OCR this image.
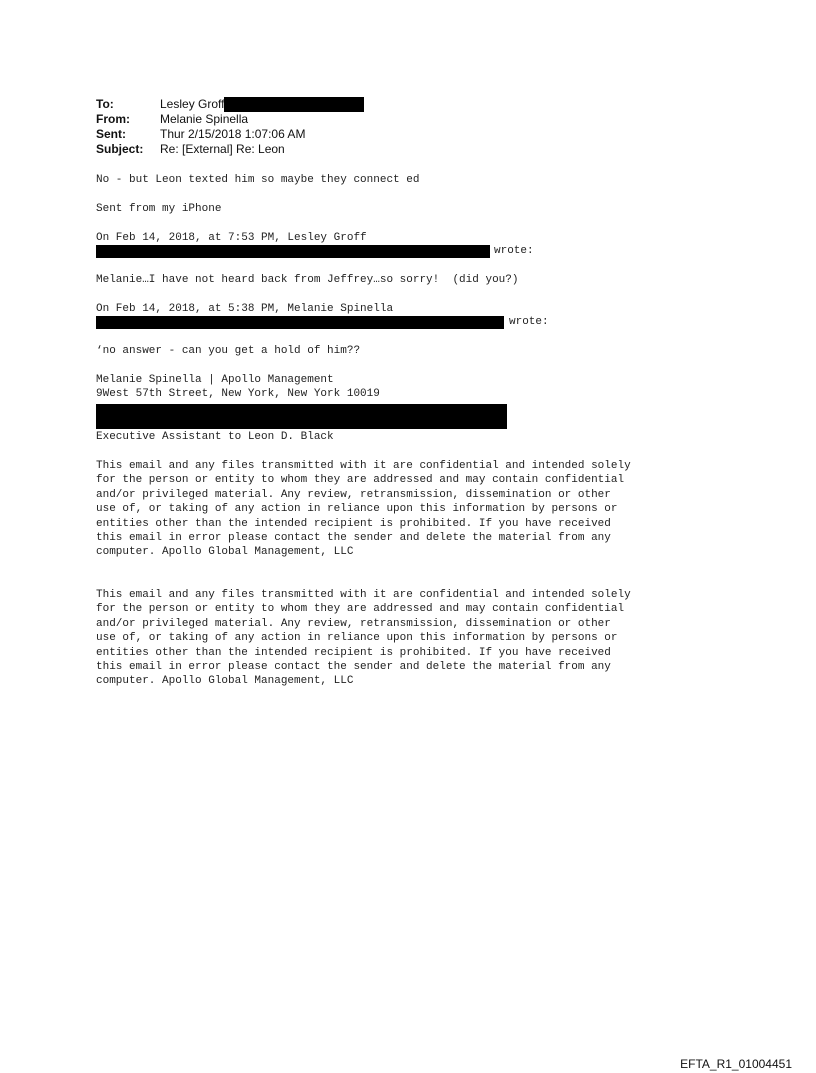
To:	Lesley Groff
From:	Melanie Spinella
Sent:	Thur 2/15/2018 1:07:06 AM
Subject:	Re: [External] Re: Leon
No - but Leon texted him so maybe they connect ed
Sent from my iPhone
On Feb 14, 2018, at 7:53 PM, Lesley Groff
wrote:
Melanie…I have not heard back from Jeffrey…so sorry!  (did you?)
On Feb 14, 2018, at 5:38 PM, Melanie Spinella
wrote:
‘no answer - can you get a hold of him??
Melanie Spinella | Apollo Management
9West 57th Street, New York, New York 10019
Executive Assistant to Leon D. Black
This email and any files transmitted with it are confidential and intended solely
for the person or entity to whom they are addressed and may contain confidential
and/or privileged material. Any review, retransmission, dissemination or other
use of, or taking of any action in reliance upon this information by persons or
entities other than the intended recipient is prohibited. If you have received
this email in error please contact the sender and delete the material from any
computer. Apollo Global Management, LLC
This email and any files transmitted with it are confidential and intended solely
for the person or entity to whom they are addressed and may contain confidential
and/or privileged material. Any review, retransmission, dissemination or other
use of, or taking of any action in reliance upon this information by persons or
entities other than the intended recipient is prohibited. If you have received
this email in error please contact the sender and delete the material from any
computer. Apollo Global Management, LLC
EFTA_R1_01004451
